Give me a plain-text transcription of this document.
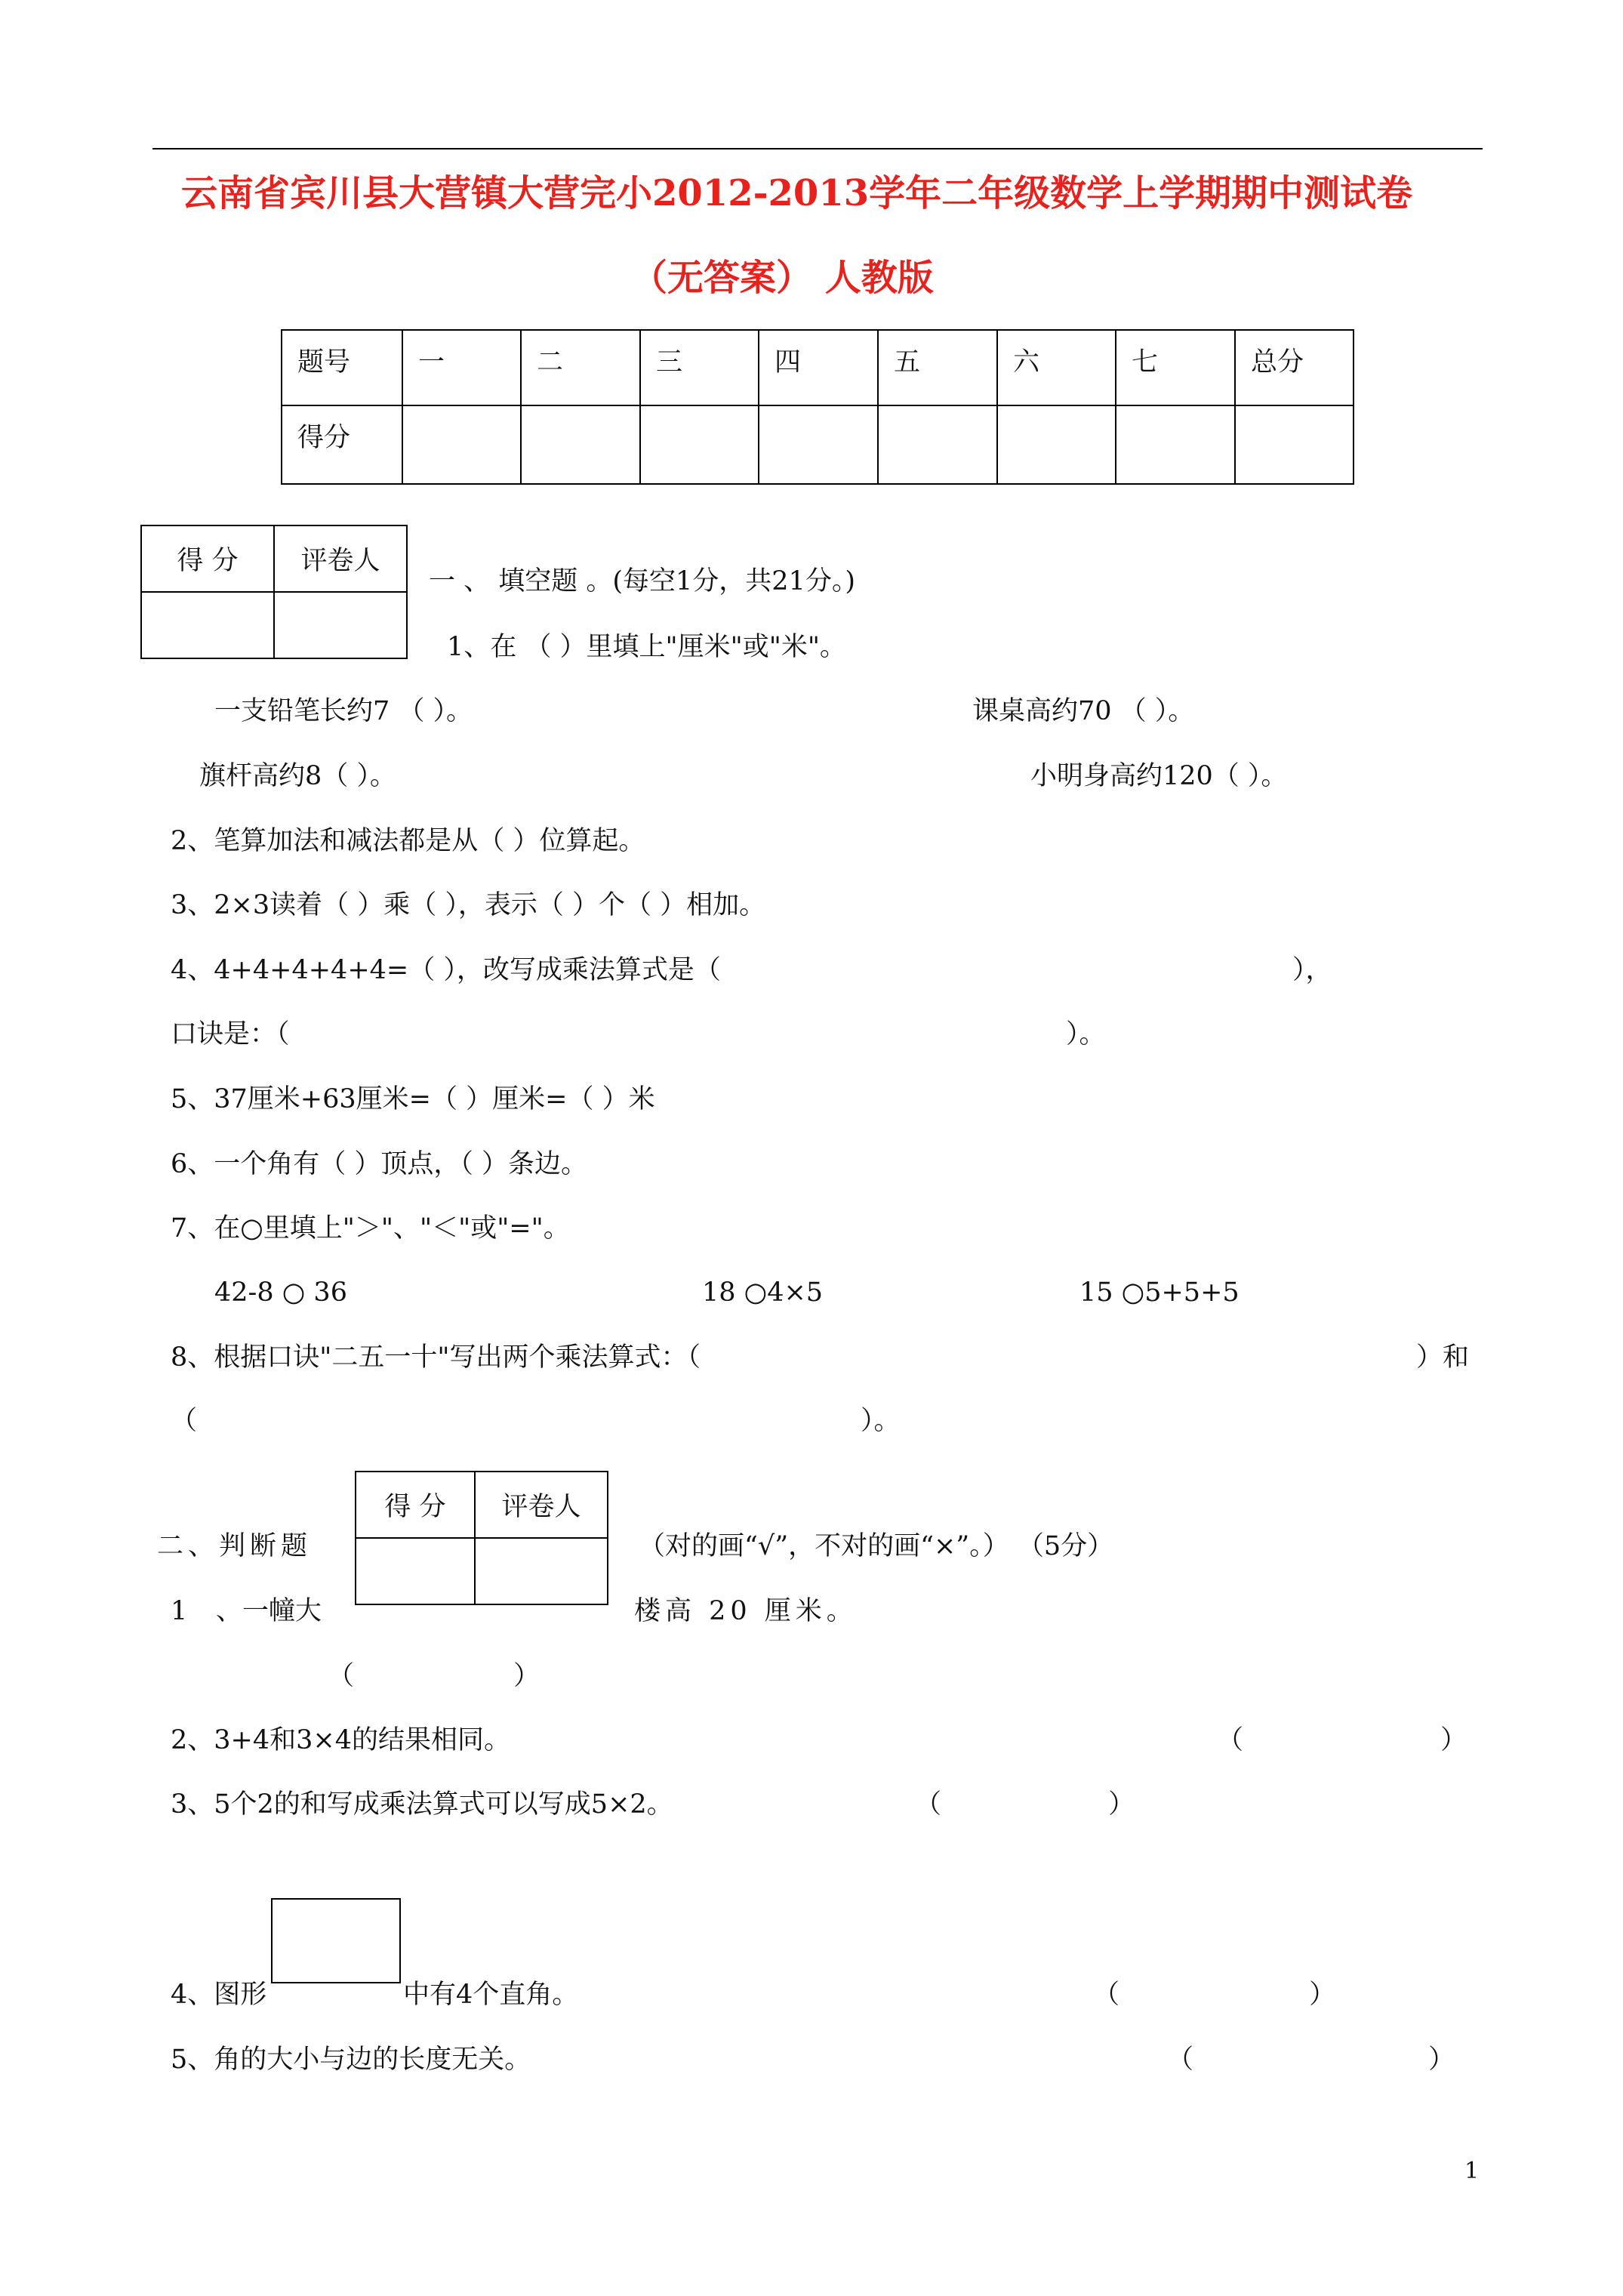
云南省宾川县大营镇大营完小2012-2013学年二年级数学上学期期中测试卷
（无答案） 人教版
题号	一	二	三	四	五	六	七	总分
得分								
得 分	评卷人

一 、 填空题 。(每空1分，共21分。)
1、在 （ ）里填上"厘米"或"米"。
一支铅笔长约7 （ ）。	课桌高约70 （ ）。
旗杆高约8（ ）。	小明身高约120（ ）。
2、笔算加法和减法都是从（ ）位算起。
3、2×3读着（ ）乘（ ），表示（ ）个（ ）相加。
4、4+4+4+4+4=（ ），改写成乘法算式是（	），
口诀是：（	）。
5、37厘米+63厘米=（ ）厘米=（ ）米
6、一个角有（ ）顶点，（ ）条边。
7、在○里填上"＞"、"＜"或"="。
42-8 ○ 36	18 ○4×5	15 ○5+5+5
8、根据口诀"二五一十"写出两个乘法算式：（	）和
（	）。
得 分	评卷人

二、判断题	（对的画“√”，不对的画“×”。） （5分）
1 、一幢大	楼高 20 厘米。
（ ）
2、3+4和3×4的结果相同。	（ ）
3、5个2的和写成乘法算式可以写成5×2。	（ ）
4、图形	中有4个直角。	（ ）
5、角的大小与边的长度无关。	（ ）
1
